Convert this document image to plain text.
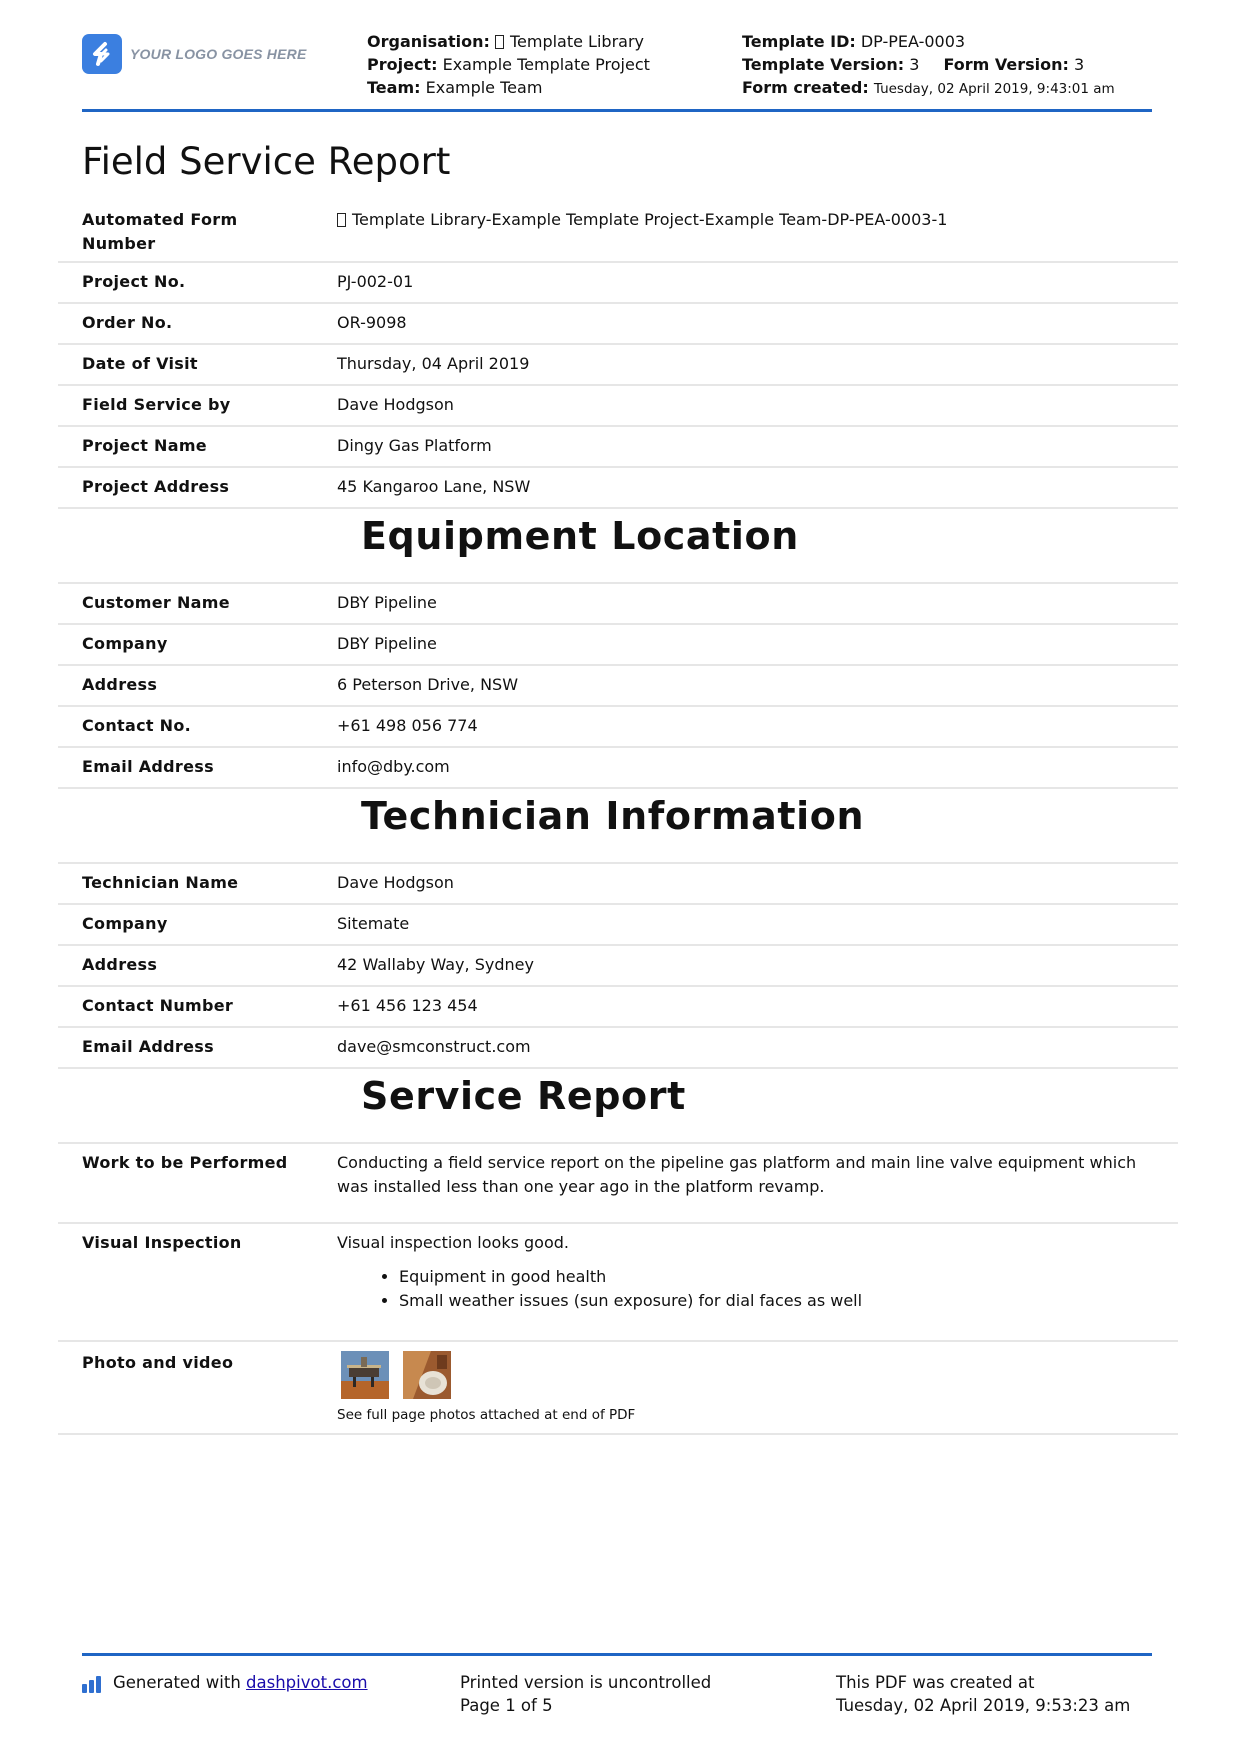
YOUR LOGO GOES HERE
Organisation: Template Library
Project: Example Template Project
Team: Example Team
Template ID: DP-PEA-0003
Template Version: 3 Form Version: 3
Form created: Tuesday, 02 April 2019, 9:43:01 am
Field Service Report
Automated Form Number
Template Library-Example Template Project-Example Team-DP-PEA-0003-1
Project No.	PJ-002-01
Order No.	OR-9098
Date of Visit	Thursday, 04 April 2019
Field Service by	Dave Hodgson
Project Name	Dingy Gas Platform
Project Address	45 Kangaroo Lane, NSW
Equipment Location
Customer Name	DBY Pipeline
Company	DBY Pipeline
Address	6 Peterson Drive, NSW
Contact No.	+61 498 056 774
Email Address	info@dby.com
Technician Information
Technician Name	Dave Hodgson
Company	Sitemate
Address	42 Wallaby Way, Sydney
Contact Number	+61 456 123 454
Email Address	dave@smconstruct.com
Service Report
Work to be Performed	Conducting a field service report on the pipeline gas platform and main line valve equipment which was installed less than one year ago in the platform revamp.
Visual Inspection	Visual inspection looks good.
• Equipment in good health
• Small weather issues (sun exposure) for dial faces as well
Photo and video
See full page photos attached at end of PDF
Generated with
dashpivot.com	Printed version is uncontrolled
Page 1 of 5
This PDF was created at
Tuesday, 02 April 2019, 9:53:23 am
